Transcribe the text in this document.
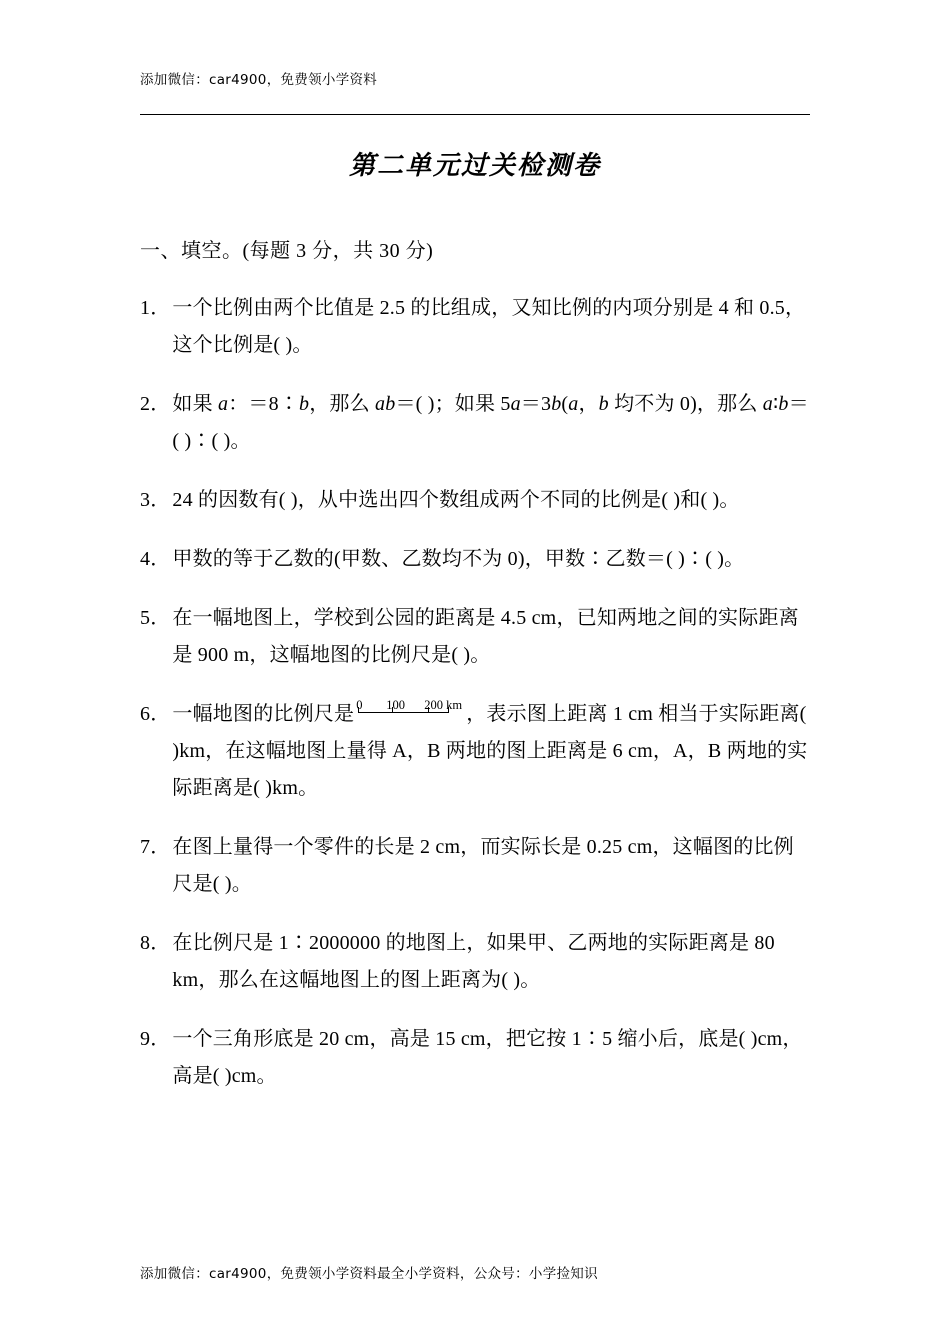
添加微信：car4900，免费领小学资料
第二单元过关检测卷
一、填空。(每题 3 分，共 30 分)
1． 一个比例由两个比值是 2.5 的比组成，又知比例的内项分别是 4 和 0.5，这个比例是( )。
2． 如果 a：＝8∶b，那么 ab＝( )；如果 5a＝3b(a，b 均不为 0)，那么 a∶b＝( )∶( )。
3． 24 的因数有( )，从中选出四个数组成两个不同的比例是( )和( )。
4． 甲数的等于乙数的(甲数、乙数均不为 0)，甲数∶乙数＝( )∶( )。
5． 在一幅地图上，学校到公园的距离是 4.5 cm，已知两地之间的实际距离是 900 m，这幅地图的比例尺是( )。
6． 一幅地图的比例尺是 0 100 200 km ，表示图上距离 1 cm 相当于实际距离( )km，在这幅地图上量得 A，B 两地的图上距离是 6 cm，A，B 两地的实际距离是( )km。
7． 在图上量得一个零件的长是 2 cm，而实际长是 0.25 cm，这幅图的比例尺是( )。
8． 在比例尺是 1∶2000000 的地图上，如果甲、乙两地的实际距离是 80 km，那么在这幅地图上的图上距离为( )。
9． 一个三角形底是 20 cm，高是 15 cm，把它按 1∶5 缩小后，底是( )cm，高是( )cm。
添加微信：car4900，免费领小学资料最全小学资料，公众号：小学捡知识
